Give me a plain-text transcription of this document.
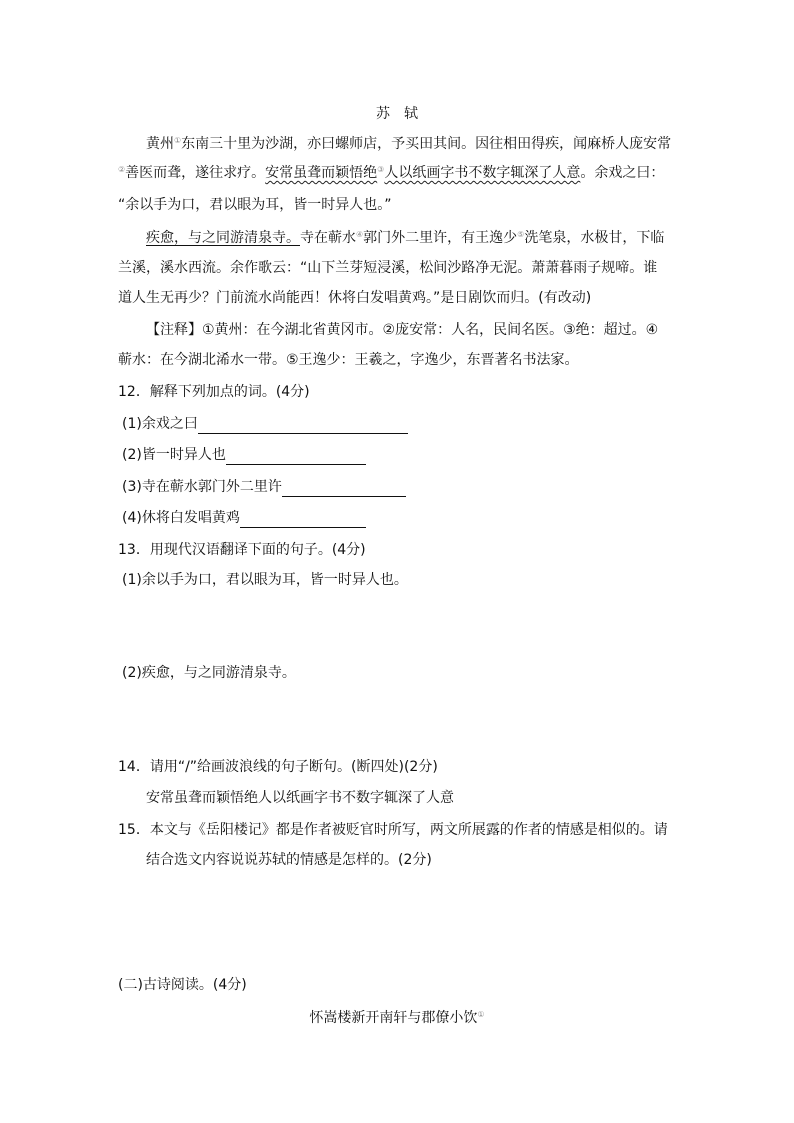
苏　轼
黄州①东南三十里为沙湖，亦曰螺师店，予买田其间。因往相田得疾，闻麻桥人庞安常
②善医而聋，遂往求疗。安常虽聋而颖悟绝③人以纸画字书不数字辄深了人意。余戏之曰：
“余以手为口，君以眼为耳，皆一时异人也。”
疾愈，与之同游清泉寺。寺在蕲水④郭门外二里许，有王逸少⑤洗笔泉，水极甘，下临
兰溪，溪水西流。余作歌云：“山下兰芽短浸溪，松间沙路净无泥。萧萧暮雨子规啼。谁
道人生无再少？门前流水尚能西！休将白发唱黄鸡。”是日剧饮而归。(有改动)
【注释】①黄州：在今湖北省黄冈市。②庞安常：人名，民间名医。③绝：超过。④
蕲水：在今湖北浠水一带。⑤王逸少：王羲之，字逸少，东晋著名书法家。
12．解释下列加点的词。(4分)
(1)余戏之曰
(2)皆一时异人也
(3)寺在蕲水郭门外二里许
(4)休将白发唱黄鸡
13．用现代汉语翻译下面的句子。(4分)
(1)余以手为口，君以眼为耳，皆一时异人也。
(2)疾愈，与之同游清泉寺。
14．请用“/”给画波浪线的句子断句。(断四处)(2分)
安常虽聋而颖悟绝人以纸画字书不数字辄深了人意
15．本文与《岳阳楼记》都是作者被贬官时所写，两文所展露的作者的情感是相似的。请
结合选文内容说说苏轼的情感是怎样的。(2分)
(二)古诗阅读。(4分)
怀嵩楼新开南轩与郡僚小饮①
